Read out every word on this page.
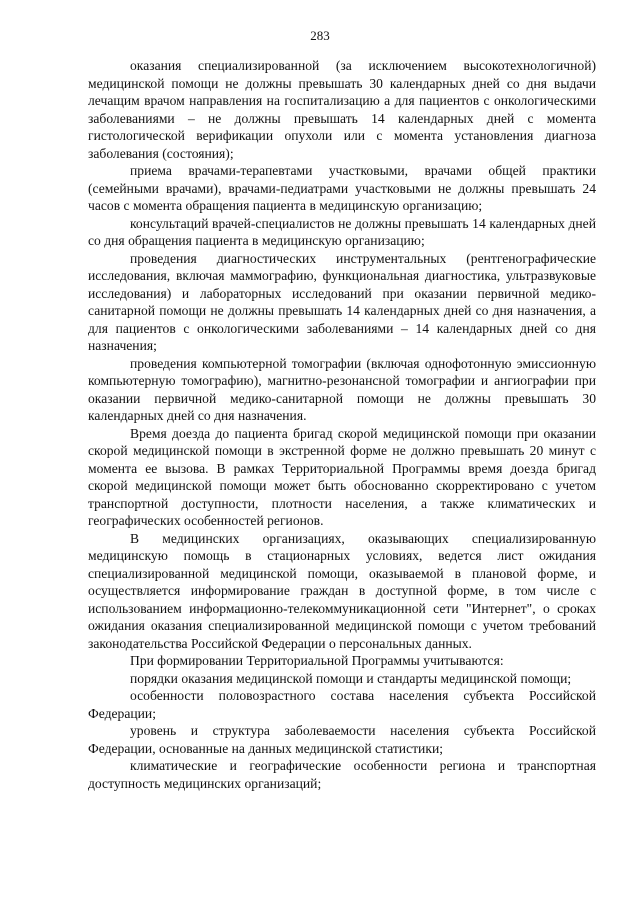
283

оказания специализированной (за исключением высокотехнологичной) медицинской помощи не должны превышать 30 календарных дней со дня выдачи лечащим врачом направления на госпитализацию а для пациентов с онкологическими заболеваниями – не должны превышать 14 календарных дней с момента гистологической верификации опухоли или с момента установления диагноза заболевания (состояния);

приема врачами-терапевтами участковыми, врачами общей практики (семейными врачами), врачами-педиатрами участковыми не должны превышать 24 часов с момента обращения пациента в медицинскую организацию;

консультаций врачей-специалистов не должны превышать 14 календарных дней со дня обращения пациента в медицинскую организацию;

проведения диагностических инструментальных (рентгенографические исследования, включая маммографию, функциональная диагностика, ультразвуковые исследования) и лабораторных исследований при оказании первичной медико-санитарной помощи не должны превышать 14 календарных дней со дня назначения, а для пациентов с онкологическими заболеваниями – 14 календарных дней со дня назначения;

проведения компьютерной томографии (включая однофотонную эмиссионную компьютерную томографию), магнитно-резонансной томографии и ангиографии при оказании первичной медико-санитарной помощи не должны превышать 30 календарных дней со дня назначения.

Время доезда до пациента бригад скорой медицинской помощи при оказании скорой медицинской помощи в экстренной форме не должно превышать 20 минут с момента ее вызова. В рамках Территориальной Программы время доезда бригад скорой медицинской помощи может быть обоснованно скорректировано с учетом транспортной доступности, плотности населения, а также климатических и географических особенностей регионов.

В медицинских организациях, оказывающих специализированную медицинскую помощь в стационарных условиях, ведется лист ожидания специализированной медицинской помощи, оказываемой в плановой форме, и осуществляется информирование граждан в доступной форме, в том числе с использованием информационно-телекоммуникационной сети "Интернет", о сроках ожидания оказания специализированной медицинской помощи с учетом требований законодательства Российской Федерации о персональных данных.

При формировании Территориальной Программы учитываются:

порядки оказания медицинской помощи и стандарты медицинской помощи;

особенности половозрастного состава населения субъекта Российской Федерации;

уровень и структура заболеваемости населения субъекта Российской Федерации, основанные на данных медицинской статистики;

климатические и географические особенности региона и транспортная доступность медицинских организаций;
